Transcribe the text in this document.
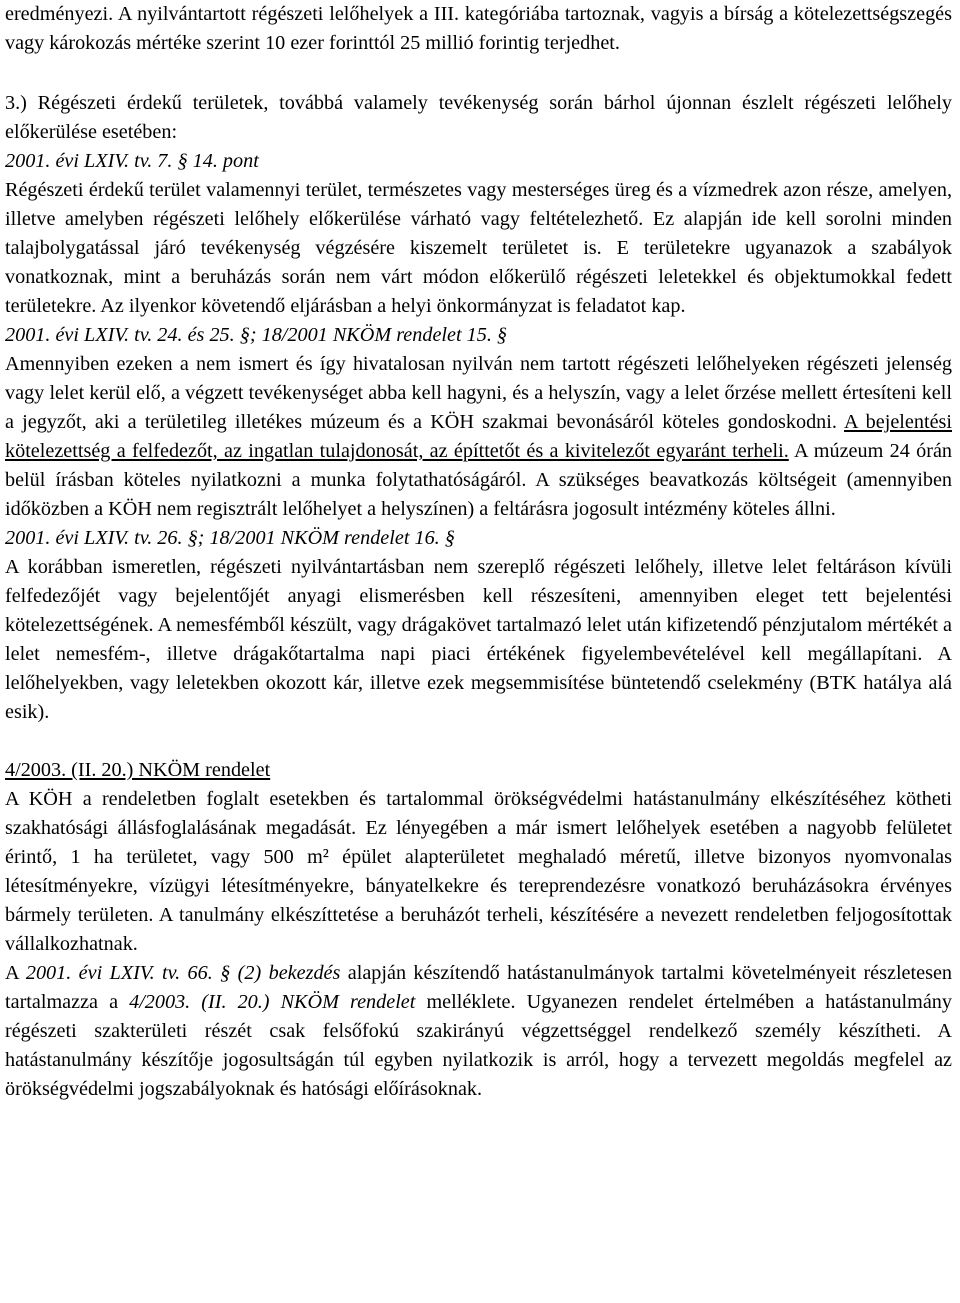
eredményezi. A nyilvántartott régészeti lelőhelyek a III. kategóriába tartoznak, vagyis a bírság a kötelezettségszegés vagy károkozás mértéke szerint 10 ezer forinttól 25 millió forintig terjedhet.

3.) Régészeti érdekű területek, továbbá valamely tevékenység során bárhol újonnan észlelt régészeti lelőhely előkerülése esetében:

2001. évi LXIV. tv. 7. § 14. pont

Régészeti érdekű terület valamennyi terület, természetes vagy mesterséges üreg és a vízmedrek azon része, amelyen, illetve amelyben régészeti lelőhely előkerülése várható vagy feltételezhető. Ez alapján ide kell sorolni minden talajbolygatással járó tevékenység végzésére kiszemelt területet is. E területekre ugyanazok a szabályok vonatkoznak, mint a beruházás során nem várt módon előkerülő régészeti leletekkel és objektumokkal fedett területekre. Az ilyenkor követendő eljárásban a helyi önkormányzat is feladatot kap.

2001. évi LXIV. tv. 24. és 25. §; 18/2001 NKÖM rendelet 15. §

Amennyiben ezeken a nem ismert és így hivatalosan nyilván nem tartott régészeti lelőhelyeken régészeti jelenség vagy lelet kerül elő, a végzett tevékenységet abba kell hagyni, és a helyszín, vagy a lelet őrzése mellett értesíteni kell a jegyzőt, aki a területileg illetékes múzeum és a KÖH szakmai bevonásáról köteles gondoskodni. A bejelentési kötelezettség a felfedezőt, az ingatlan tulajdonosát, az építtetőt és a kivitelezőt egyaránt terheli. A múzeum 24 órán belül írásban köteles nyilatkozni a munka folytathatóságáról. A szükséges beavatkozás költségeit (amennyiben időközben a KÖH nem regisztrált lelőhelyet a helyszínen) a feltárásra jogosult intézmény köteles állni.

2001. évi LXIV. tv. 26. §; 18/2001 NKÖM rendelet 16. §

A korábban ismeretlen, régészeti nyilvántartásban nem szereplő régészeti lelőhely, illetve lelet feltáráson kívüli felfedezőjét vagy bejelentőjét anyagi elismerésben kell részesíteni, amennyiben eleget tett bejelentési kötelezettségének. A nemesfémből készült, vagy drágakövet tartalmazó lelet után kifizetendő pénzjutalom mértékét a lelet nemesfém-, illetve drágakőtartalma napi piaci értékének figyelembevételével kell megállapítani. A lelőhelyekben, vagy leletekben okozott kár, illetve ezek megsemmisítése büntetendő cselekmény (BTK hatálya alá esik).

4/2003. (II. 20.) NKÖM rendelet

A KÖH a rendeletben foglalt esetekben és tartalommal örökségvédelmi hatástanulmány elkészítéséhez kötheti szakhatósági állásfoglalásának megadását. Ez lényegében a már ismert lelőhelyek esetében a nagyobb felületet érintő, 1 ha területet, vagy 500 m² épület alapterületet meghaladó méretű, illetve bizonyos nyomvonalas létesítményekre, vízügyi létesítményekre, bányatelkekre és tereprendezésre vonatkozó beruházásokra érvényes bármely területen. A tanulmány elkészíttetése a beruházót terheli, készítésére a nevezett rendeletben feljogosítottak vállalkozhatnak.

A 2001. évi LXIV. tv. 66. § (2) bekezdés alapján készítendő hatástanulmányok tartalmi követelményeit részletesen tartalmazza a 4/2003. (II. 20.) NKÖM rendelet melléklete. Ugyanezen rendelet értelmében a hatástanulmány régészeti szakterületi részét csak felsőfokú szakirányú végzettséggel rendelkező személy készítheti. A hatástanulmány készítője jogosultságán túl egyben nyilatkozik is arról, hogy a tervezett megoldás megfelel az örökségvédelmi jogszabályoknak és hatósági előírásoknak.
